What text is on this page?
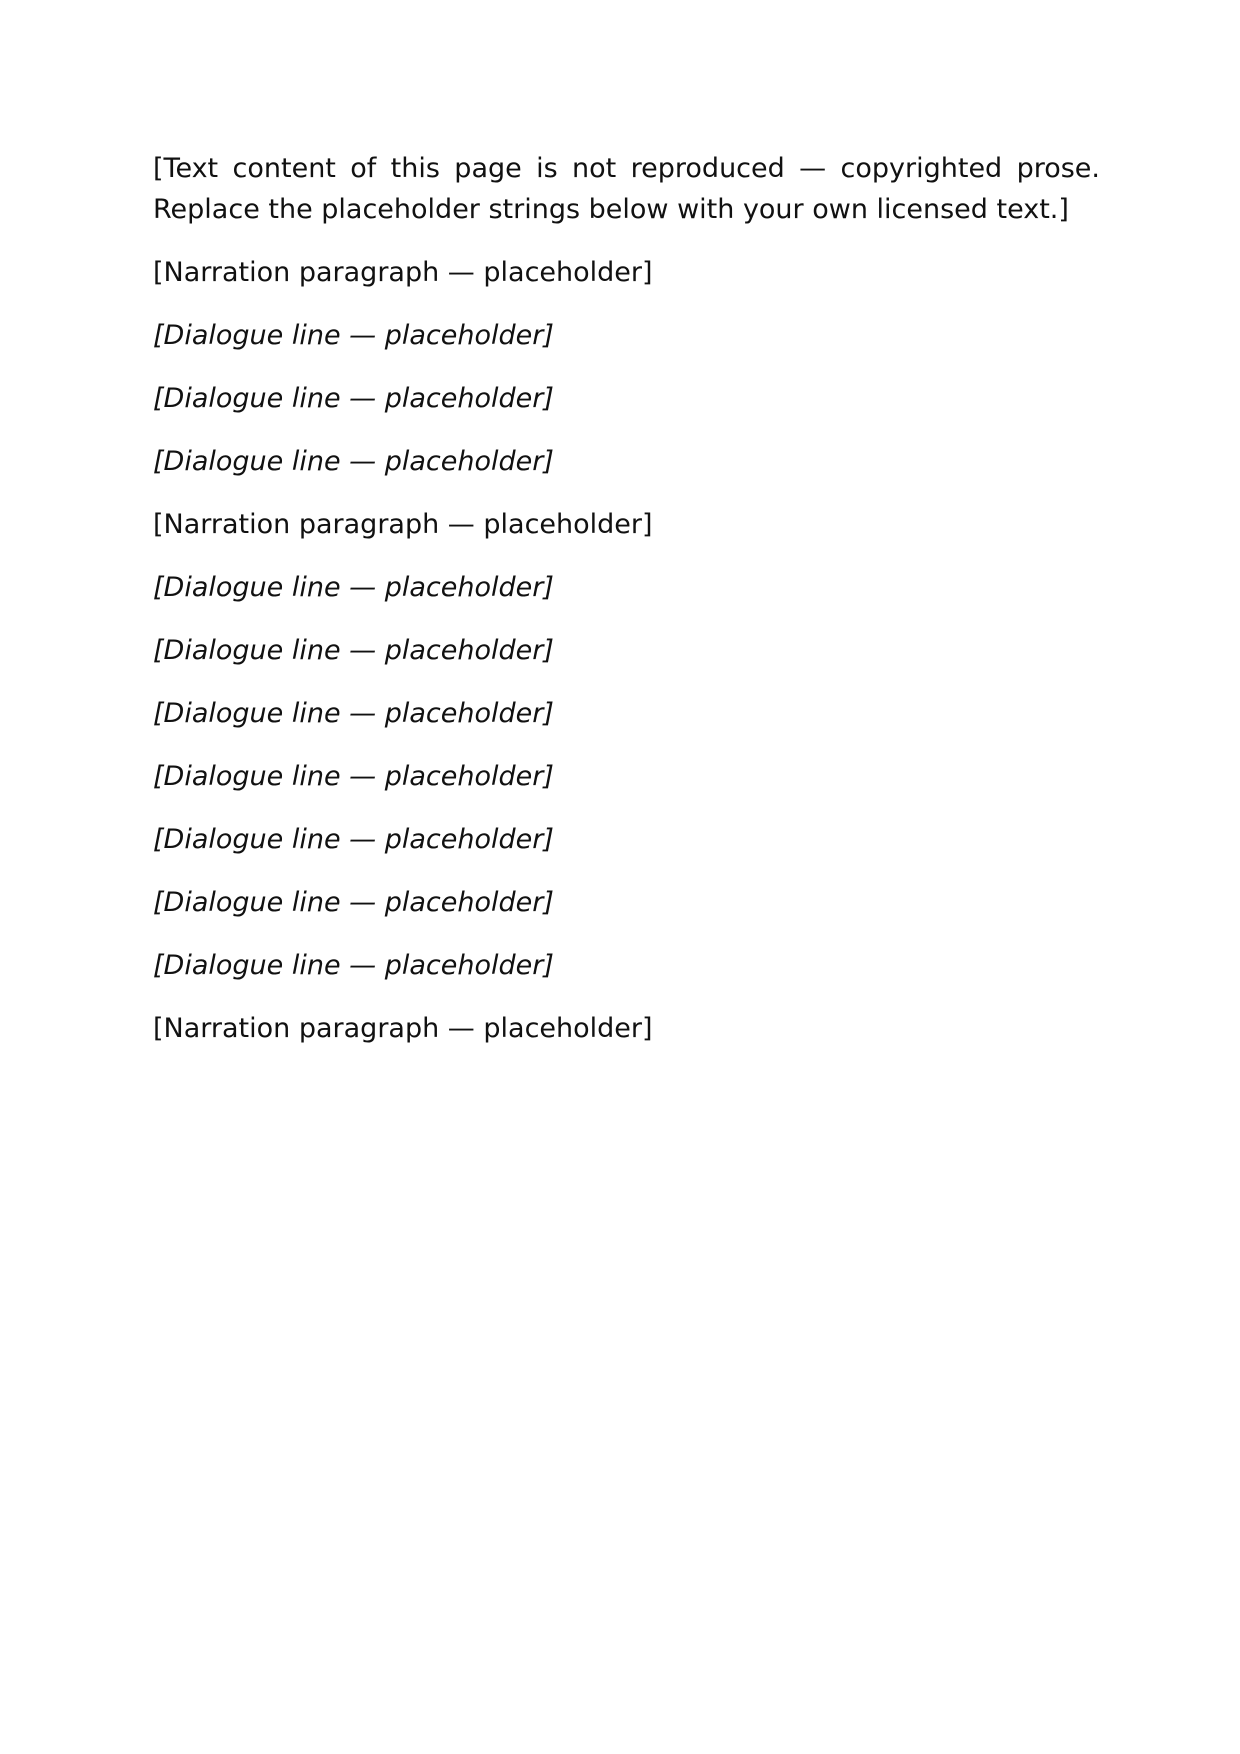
[Text content of this page is not reproduced — copyrighted prose. Replace the placeholder strings below with your own licensed text.]

[Narration paragraph — placeholder]

[Dialogue line — placeholder]

[Dialogue line — placeholder]

[Dialogue line — placeholder]

[Narration paragraph — placeholder]

[Dialogue line — placeholder]

[Dialogue line — placeholder]

[Dialogue line — placeholder]

[Dialogue line — placeholder]

[Dialogue line — placeholder]

[Dialogue line — placeholder]

[Dialogue line — placeholder]

[Narration paragraph — placeholder]
